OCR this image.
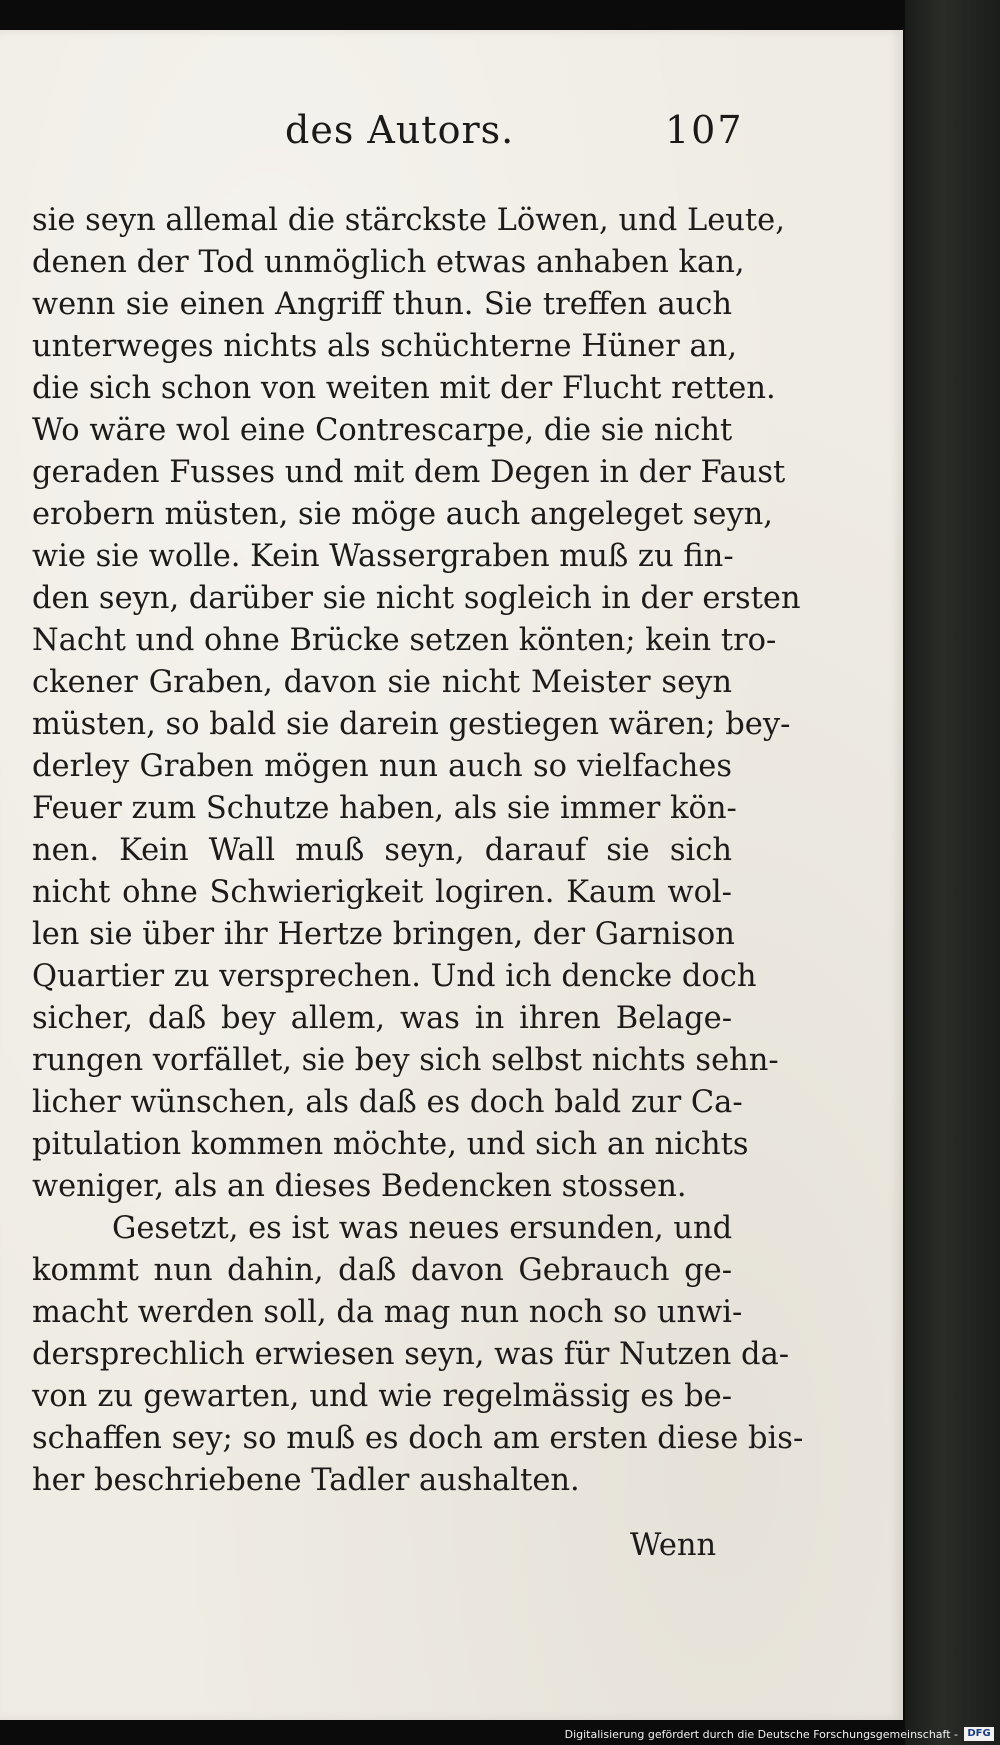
des Autors.	107
sie seyn allemal die stärckste Löwen, und Leute,
denen der Tod unmöglich etwas anhaben kan,
wenn sie einen Angriff thun. Sie treffen auch
unterweges nichts als schüchterne Hüner an,
die sich schon von weiten mit der Flucht retten.
Wo wäre wol eine Contrescarpe, die sie nicht
geraden Fusses und mit dem Degen in der Faust
erobern müsten, sie möge auch angeleget seyn,
wie sie wolle. Kein Wassergraben muß zu fin-
den seyn, darüber sie nicht sogleich in der ersten
Nacht und ohne Brücke setzen könten; kein tro-
ckener Graben, davon sie nicht Meister seyn
müsten, so bald sie darein gestiegen wären; bey-
derley Graben mögen nun auch so vielfaches
Feuer zum Schutze haben, als sie immer kön-
nen. Kein Wall muß seyn, darauf sie sich
nicht ohne Schwierigkeit logiren. Kaum wol-
len sie über ihr Hertze bringen, der Garnison
Quartier zu versprechen. Und ich dencke doch
sicher, daß bey allem, was in ihren Belage-
rungen vorfället, sie bey sich selbst nichts sehn-
licher wünschen, als daß es doch bald zur Ca-
pitulation kommen möchte, und sich an nichts
weniger, als an dieses Bedencken stossen.
Gesetzt, es ist was neues ersunden, und
kommt nun dahin, daß davon Gebrauch ge-
macht werden soll, da mag nun noch so unwi-
dersprechlich erwiesen seyn, was für Nutzen da-
von zu gewarten, und wie regelmässig es be-
schaffen sey; so muß es doch am ersten diese bis-
her beschriebene Tadler aushalten.
Wenn
Digitalisierung gefördert durch die Deutsche Forschungsgemeinschaft - DFG
